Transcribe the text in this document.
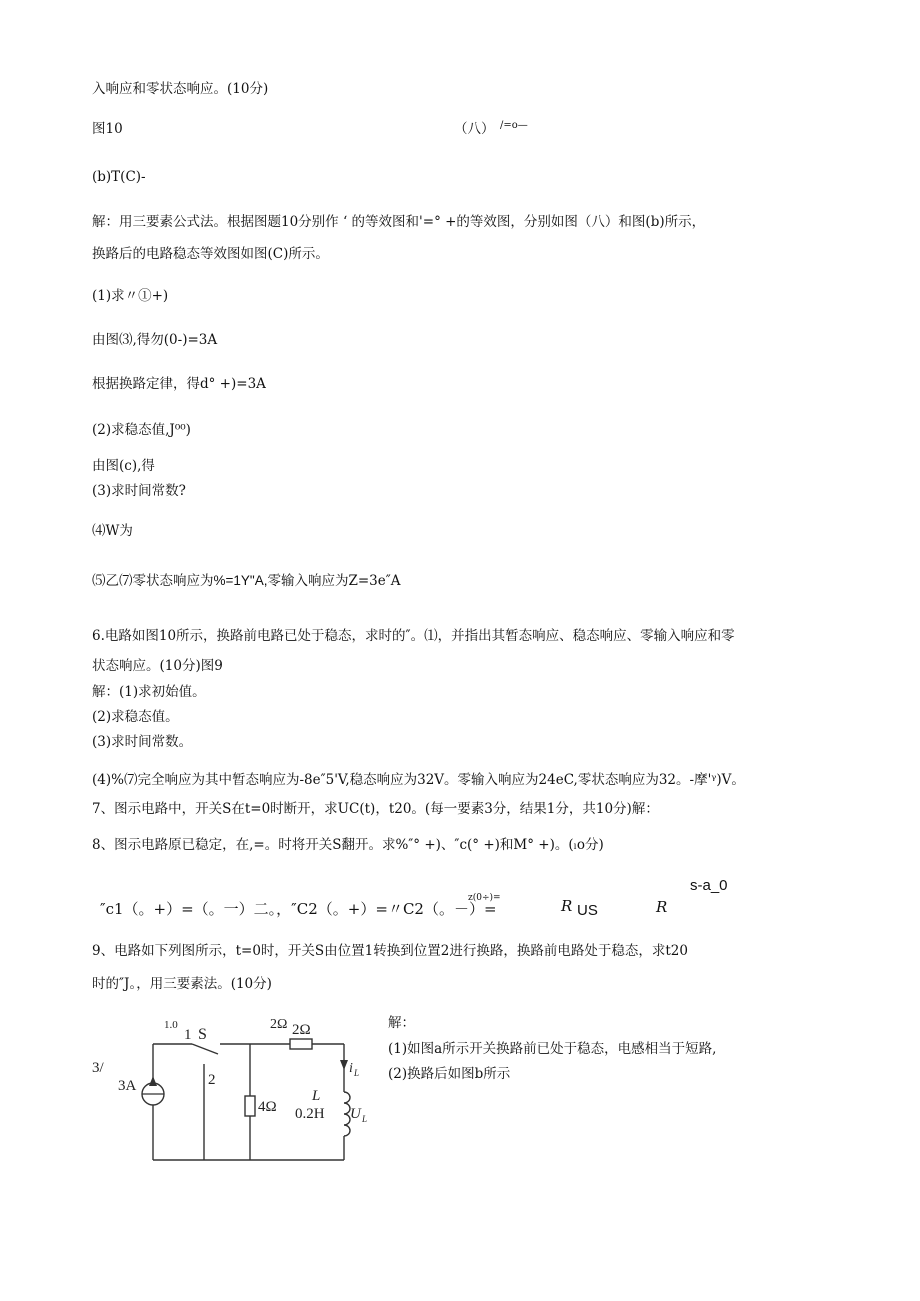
入响应和零状态响应。(10分)
图10	（八） /=o—
(b)T(C)-
解：用三要素公式法。根据图题10分别作 ‘ 的等效图和'=° +的等效图，分别如图（八）和图(b)所示，
换路后的电路稳态等效图如图(C)所示。
(1)求〃①+)
由图⑶,得勿(0-)=3A
根据换路定律，得d° +)=3A
(2)求稳态值,J⁰⁰)
由图(c),得
(3)求时间常数?
⑷W为
⑸乙⑺零状态响应为%=1Y"A,零输入响应为Z=3e″A
6.电路如图10所示，换路前电路已处于稳态，求时的″。⑴，并指出其暂态响应、稳态响应、零输入响应和零
状态响应。(10分)图9
解：(1)求初始值。
(2)求稳态值。
(3)求时间常数。
(4)%⑺完全响应为其中暂态响应为-8e″5'V,稳态响应为32V。零输入响应为24eC,零状态响应为32。-摩'ᵞ)V。
7、图示电路中，开关S在t=0时断开，求UC(t)，t20。(每一要素3分，结果1分，共10分)解：
8、图示电路原已稳定，在,=。时将开关S翻开。求%″° +)、″c(° +)和M° +)。(ₗo分)
s-a_0
″c1（。+）=（。一）二。，″C2（。+）=〃C2（。－）=
z(0÷)=	R US	R
9、电路如下列图所示，t=0时，开关S由位置1转换到位置2进行换路，换路前电路处于稳态，求t20
时的″J。，用三要素法。(10分)
解：
(1)如图a所示开关换路前已处于稳态，电感相当于短路,
(2)换路后如图b所示
1.0	2Ω
3/
3A
1 S
2
4Ω
2Ω
L
0.2H
i L
U L
